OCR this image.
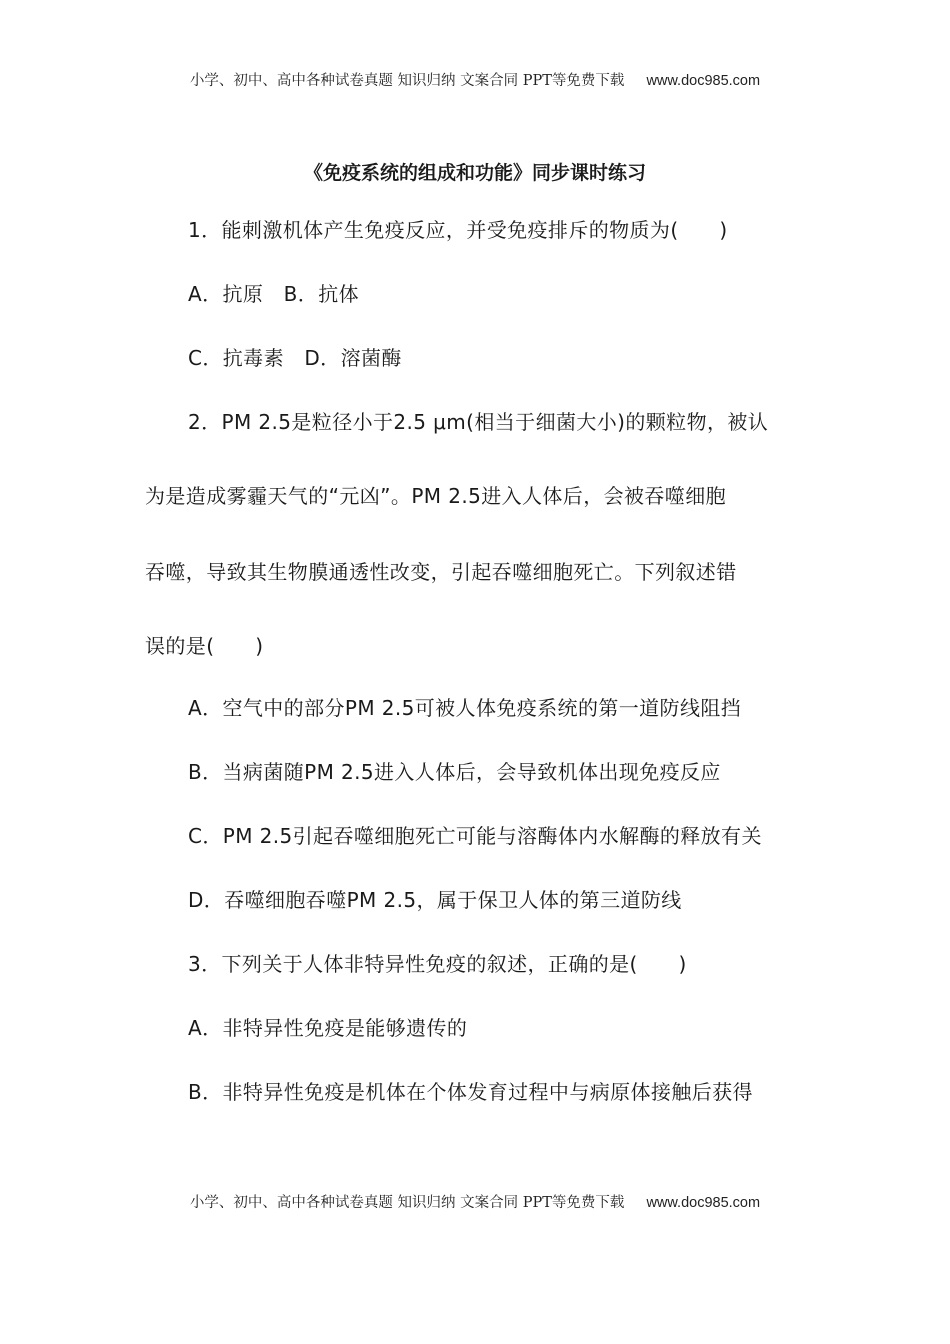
小学、初中、高中各种试卷真题 知识归纳 文案合同 PPT等免费下载 www.doc985.com
《免疫系统的组成和功能》同步课时练习
1．能刺激机体产生免疫反应，并受免疫排斥的物质为(　　)
A．抗原　B．抗体
C．抗毒素　D．溶菌酶
2．PM 2.5是粒径小于2.5 μm(相当于细菌大小)的颗粒物，被认
为是造成雾霾天气的“元凶”。PM 2.5进入人体后，会被吞噬细胞
吞噬，导致其生物膜通透性改变，引起吞噬细胞死亡。下列叙述错
误的是(　　)
A．空气中的部分PM 2.5可被人体免疫系统的第一道防线阻挡
B．当病菌随PM 2.5进入人体后，会导致机体出现免疫反应
C．PM 2.5引起吞噬细胞死亡可能与溶酶体内水解酶的释放有关
D．吞噬细胞吞噬PM 2.5，属于保卫人体的第三道防线
3．下列关于人体非特异性免疫的叙述，正确的是(　　)
A．非特异性免疫是能够遗传的
B．非特异性免疫是机体在个体发育过程中与病原体接触后获得
小学、初中、高中各种试卷真题 知识归纳 文案合同 PPT等免费下载 www.doc985.com
